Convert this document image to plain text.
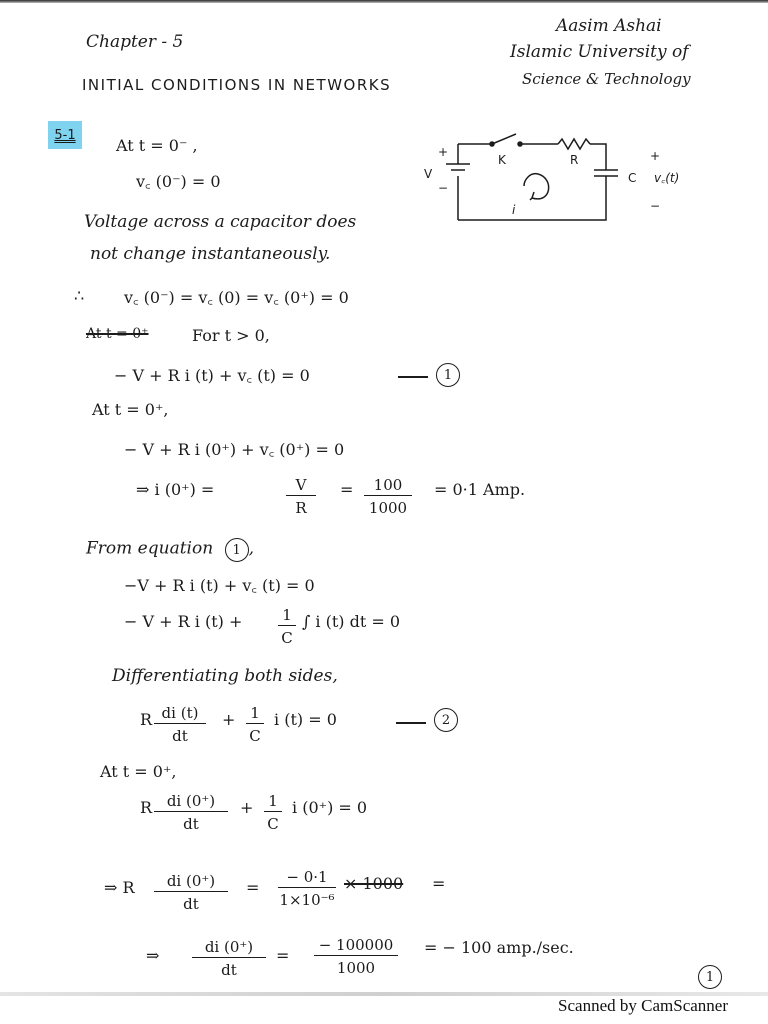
Chapter - 5
INITIAL CONDITIONS IN NETWORKS
Aasim Ashai
Islamic University of
Science & Technology
5-1
At t = 0⁻ ,
v꜀ (0⁻) = 0
Voltage across a capacitor does
not change instantaneously.
∴ v꜀ (0⁻) = v꜀ (0) = v꜀ (0⁺) = 0
At t = 0⁺	For t > 0,
− V + R i (t) + v꜀ (t) = 0	1
At t = 0⁺,
− V + R i (0⁺) + v꜀ (0⁺) = 0
⇒ i (0⁺) =	$\frac{V}{R} = \frac{100}{1000} = 0\cdot 1$ Amp.
From equation 1 ,
−V + R i (t) + v꜀ (t) = 0
− V + R i $(t) + \frac{1}{C}$ ∫ i (t) dt = 0
Differentiating both sides,
R $\frac{di (t)}{dt} + \frac{1}{C}$ i (t) = 0	2
At t = 0⁺,
R $\frac{di (0^+)}{dt} + \frac{1}{C}$ i (0⁺) = 0
⇒ R $\frac{di (0^+)}{dt} = \frac{- 0\cdot 1}{\text{1×10⁻⁶}} \times 1000$ =
⇒ $\frac{di (0^+)}{dt} = \frac{- 100000}{1000}$ = − 100 amp./sec.
1
V
+
−
K	R
C
+
v꜀(t)
−
i
Scanned by CamScanner
